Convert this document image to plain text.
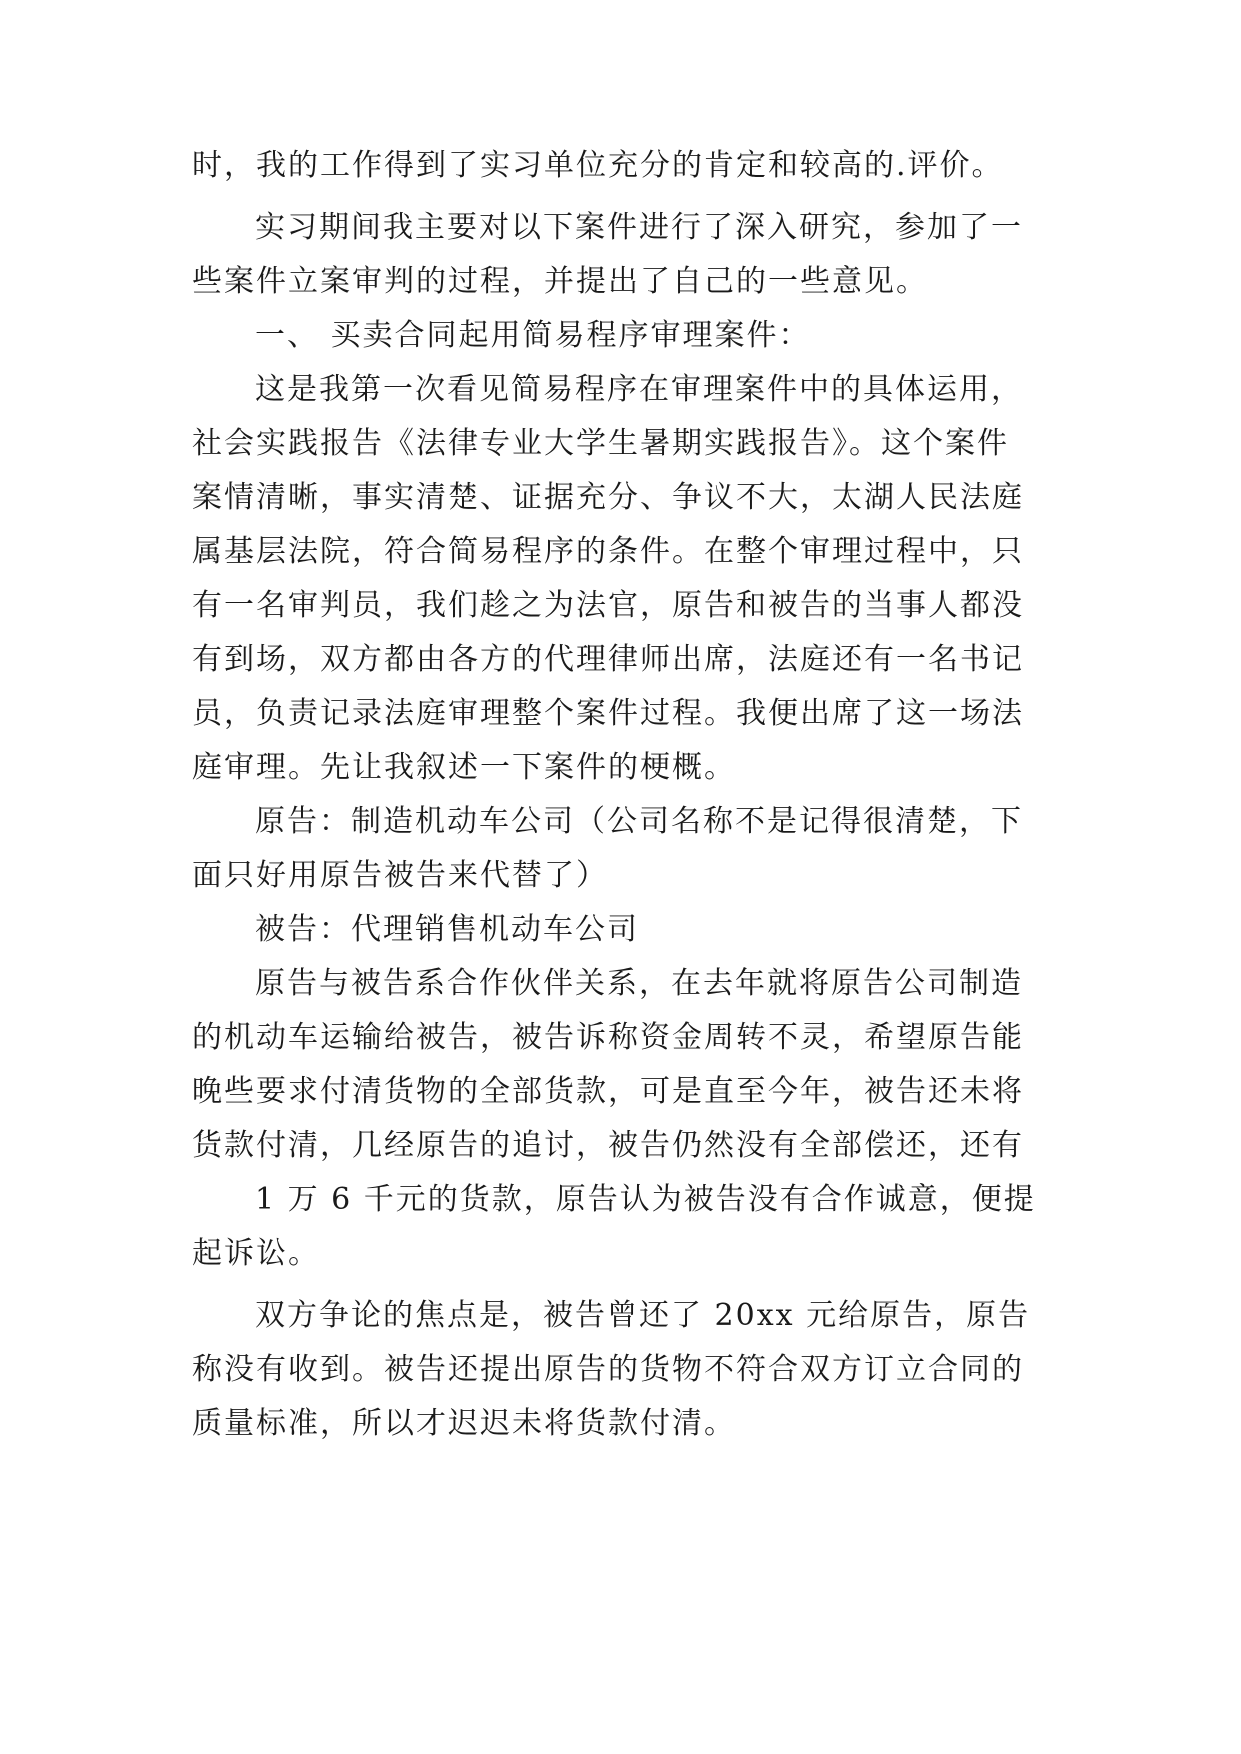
时，我的工作得到了实习单位充分的肯定和较高的.评价。

实习期间我主要对以下案件进行了深入研究，参加了一

些案件立案审判的过程，并提出了自己的一些意见。

一、 买卖合同起用简易程序审理案件：

这是我第一次看见简易程序在审理案件中的具体运用，

社会实践报告《法律专业大学生暑期实践报告》。这个案件

案情清晰，事实清楚、证据充分、争议不大，太湖人民法庭

属基层法院，符合简易程序的条件。在整个审理过程中，只

有一名审判员，我们趁之为法官，原告和被告的当事人都没

有到场，双方都由各方的代理律师出席，法庭还有一名书记

员，负责记录法庭审理整个案件过程。我便出席了这一场法

庭审理。先让我叙述一下案件的梗概。

原告：制造机动车公司（公司名称不是记得很清楚，下

面只好用原告被告来代替了）

被告：代理销售机动车公司

原告与被告系合作伙伴关系，在去年就将原告公司制造

的机动车运输给被告，被告诉称资金周转不灵，希望原告能

晚些要求付清货物的全部货款，可是直至今年，被告还未将

货款付清，几经原告的追讨，被告仍然没有全部偿还，还有

1 万 6 千元的货款，原告认为被告没有合作诚意，便提

起诉讼。

双方争论的焦点是，被告曾还了 20xx 元给原告，原告

称没有收到。被告还提出原告的货物不符合双方订立合同的

质量标准，所以才迟迟未将货款付清。
